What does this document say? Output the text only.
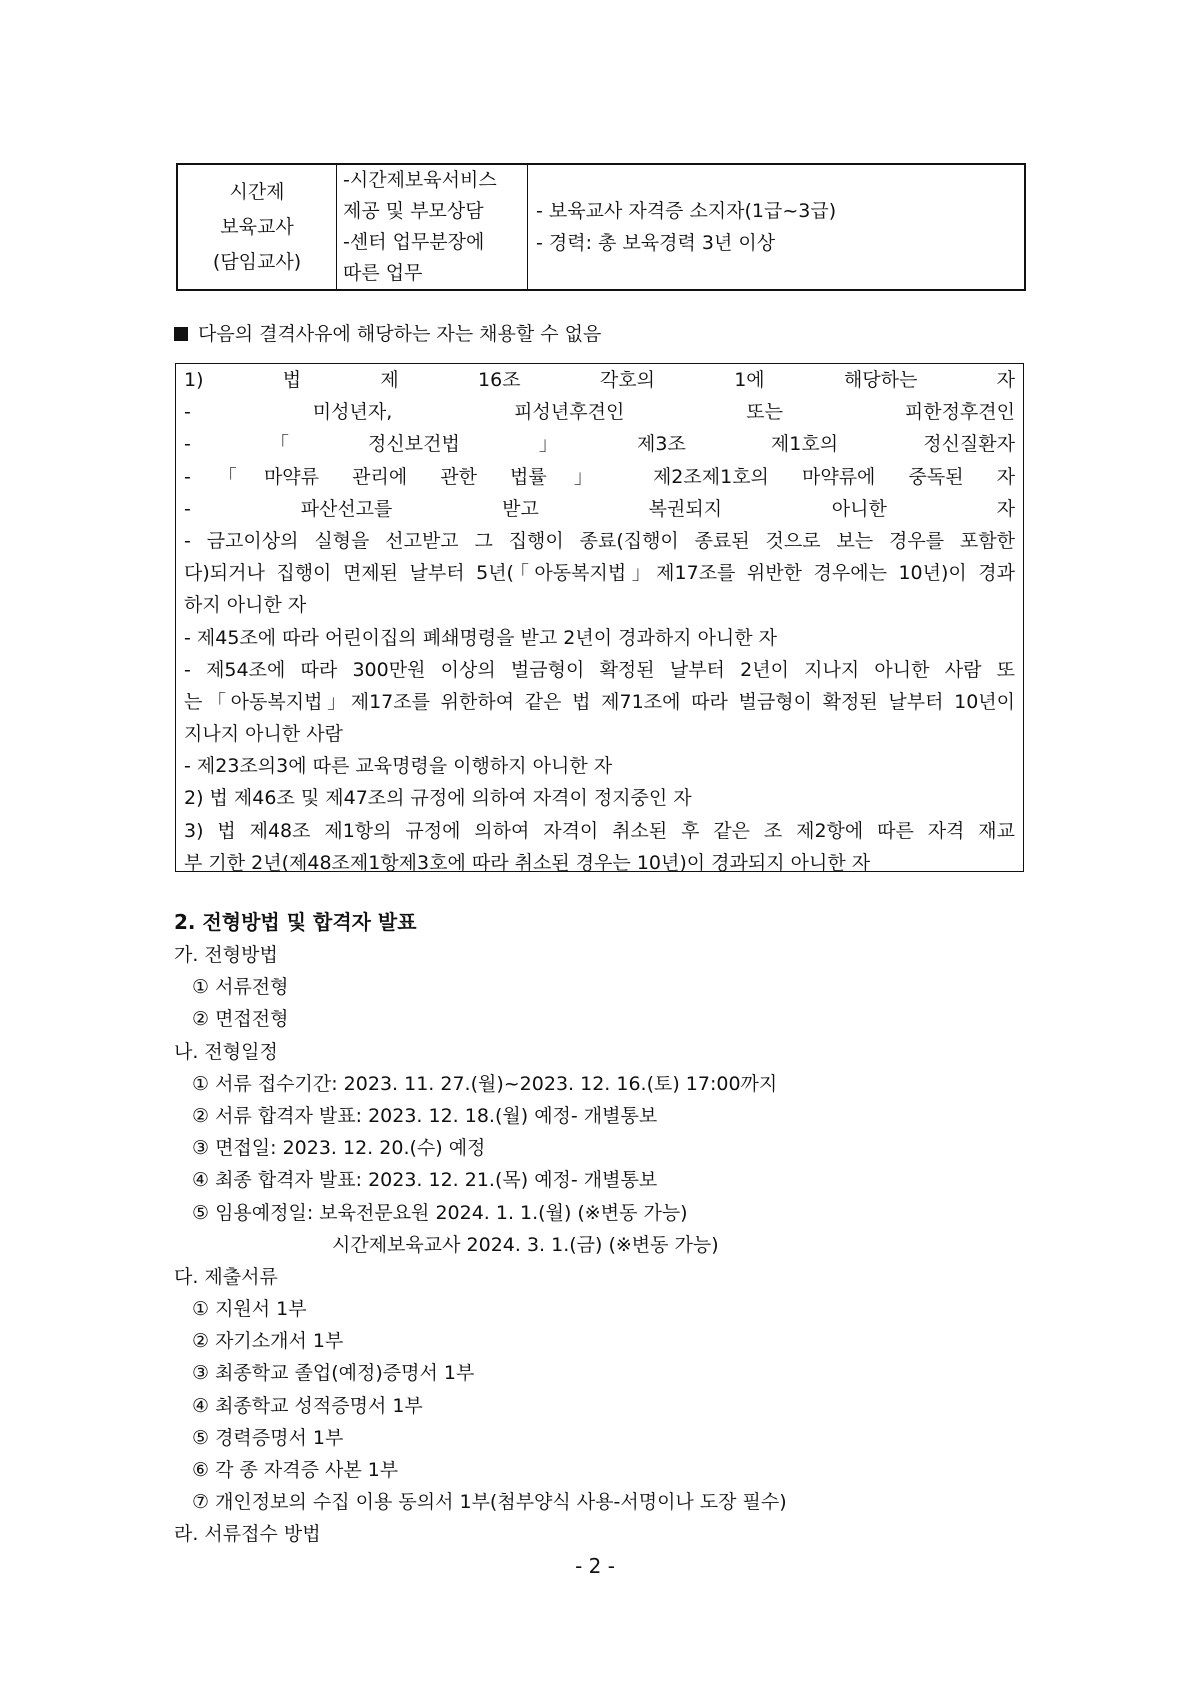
시간제
보육교사
(담임교사)

-시간제보육서비스
제공 및 부모상담
-센터 업무분장에
따른 업무

- 보육교사 자격증 소지자(1급~3급)
- 경력: 총 보육경력 3년 이상
다음의 결격사유에 해당하는 자는 채용할 수 없음
1) 법 제 16조 각호의 1에 해당하는 자
- 미성년자, 피성년후견인 또는 피한정후견인
-「정신보건법」제3조 제1호의 정신질환자
-「마약류 관리에 관한 법률」 제2조제1호의 마약류에 중독된 자
- 파산선고를 받고 복권되지 아니한 자
- 금고이상의 실형을 선고받고 그 집행이 종료(집행이 종료된 것으로 보는 경우를 포함한
다)되거나 집행이 면제된 날부터 5년(「아동복지법」제17조를 위반한 경우에는 10년)이 경과
하지 아니한 자
- 제45조에 따라 어린이집의 폐쇄명령을 받고 2년이 경과하지 아니한 자
- 제54조에 따라 300만원 이상의 벌금형이 확정된 날부터 2년이 지나지 아니한 사람 또
는「아동복지법」제17조를 위한하여 같은 법 제71조에 따라 벌금형이 확정된 날부터 10년이
지나지 아니한 사람
- 제23조의3에 따른 교육명령을 이행하지 아니한 자
2) 법 제46조 및 제47조의 규정에 의하여 자격이 정지중인 자
3) 법 제48조 제1항의 규정에 의하여 자격이 취소된 후 같은 조 제2항에 따른 자격 재교
부 기한 2년(제48조제1항제3호에 따라 취소된 경우는 10년)이 경과되지 아니한 자
2. 전형방법 및 합격자 발표
가. 전형방법
① 서류전형
② 면접전형
나. 전형일정
① 서류 접수기간: 2023. 11. 27.(월)~2023. 12. 16.(토) 17:00까지
② 서류 합격자 발표: 2023. 12. 18.(월) 예정- 개별통보
③ 면접일: 2023. 12. 20.(수) 예정
④ 최종 합격자 발표: 2023. 12. 21.(목) 예정- 개별통보
⑤ 임용예정일: 보육전문요원 2024. 1. 1.(월) (※변동 가능)
시간제보육교사 2024. 3. 1.(금) (※변동 가능)
다. 제출서류
① 지원서 1부
② 자기소개서 1부
③ 최종학교 졸업(예정)증명서 1부
④ 최종학교 성적증명서 1부
⑤ 경력증명서 1부
⑥ 각 종 자격증 사본 1부
⑦ 개인정보의 수집 이용 동의서 1부(첨부양식 사용-서명이나 도장 필수)
라. 서류접수 방법
- 2 -
